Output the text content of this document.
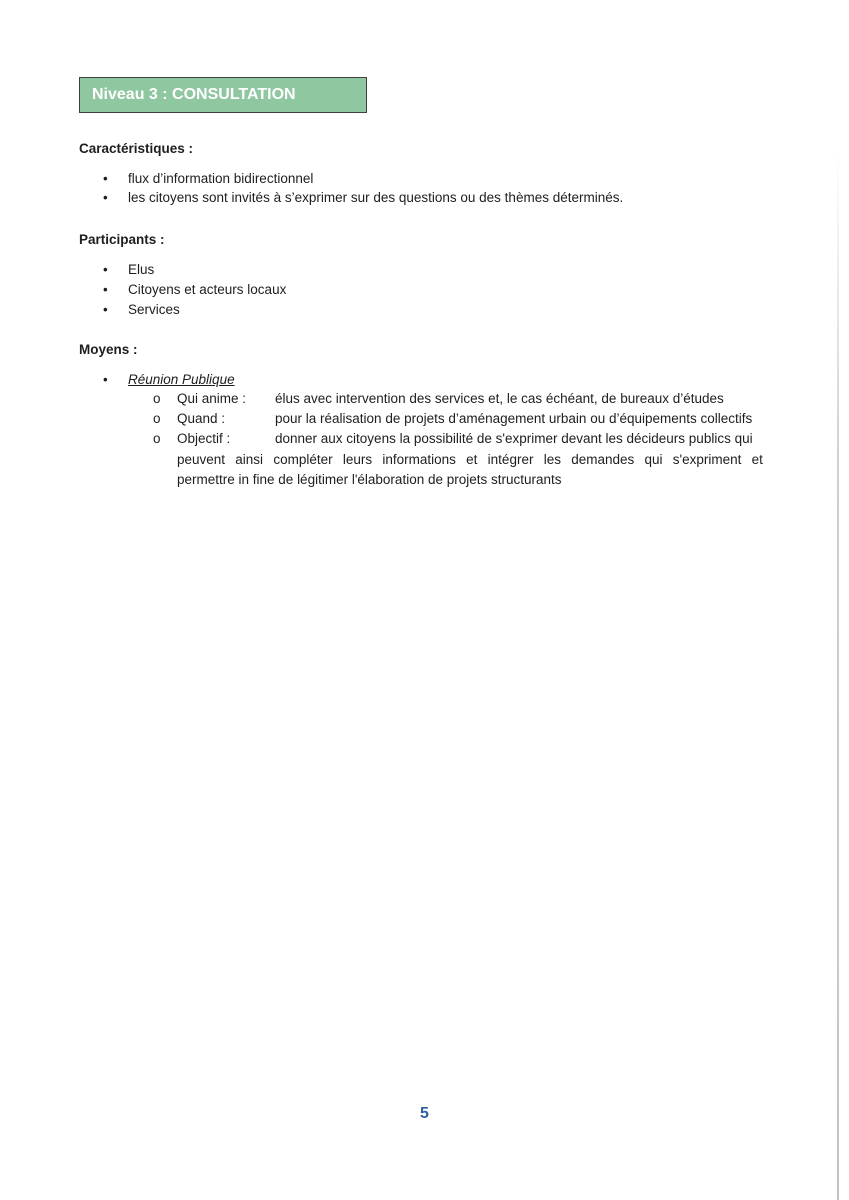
Niveau 3 : CONSULTATION
Caractéristiques :
• flux d’information bidirectionnel
• les citoyens sont invités à s’exprimer sur des questions ou des thèmes déterminés.
Participants :
• Elus
• Citoyens et acteurs locaux
• Services
Moyens :
• Réunion Publique
o Qui anime : élus avec intervention des services et, le cas échéant, de bureaux d’études
o Quand :	pour la réalisation de projets d’aménagement urbain ou d’équipements collectifs
o Objectif :	donner aux citoyens la possibilité de s'exprimer devant les décideurs publics qui
peuvent ainsi compléter leurs informations et intégrer les demandes qui s'expriment et
permettre in fine de légitimer l'élaboration de projets structurants
5
